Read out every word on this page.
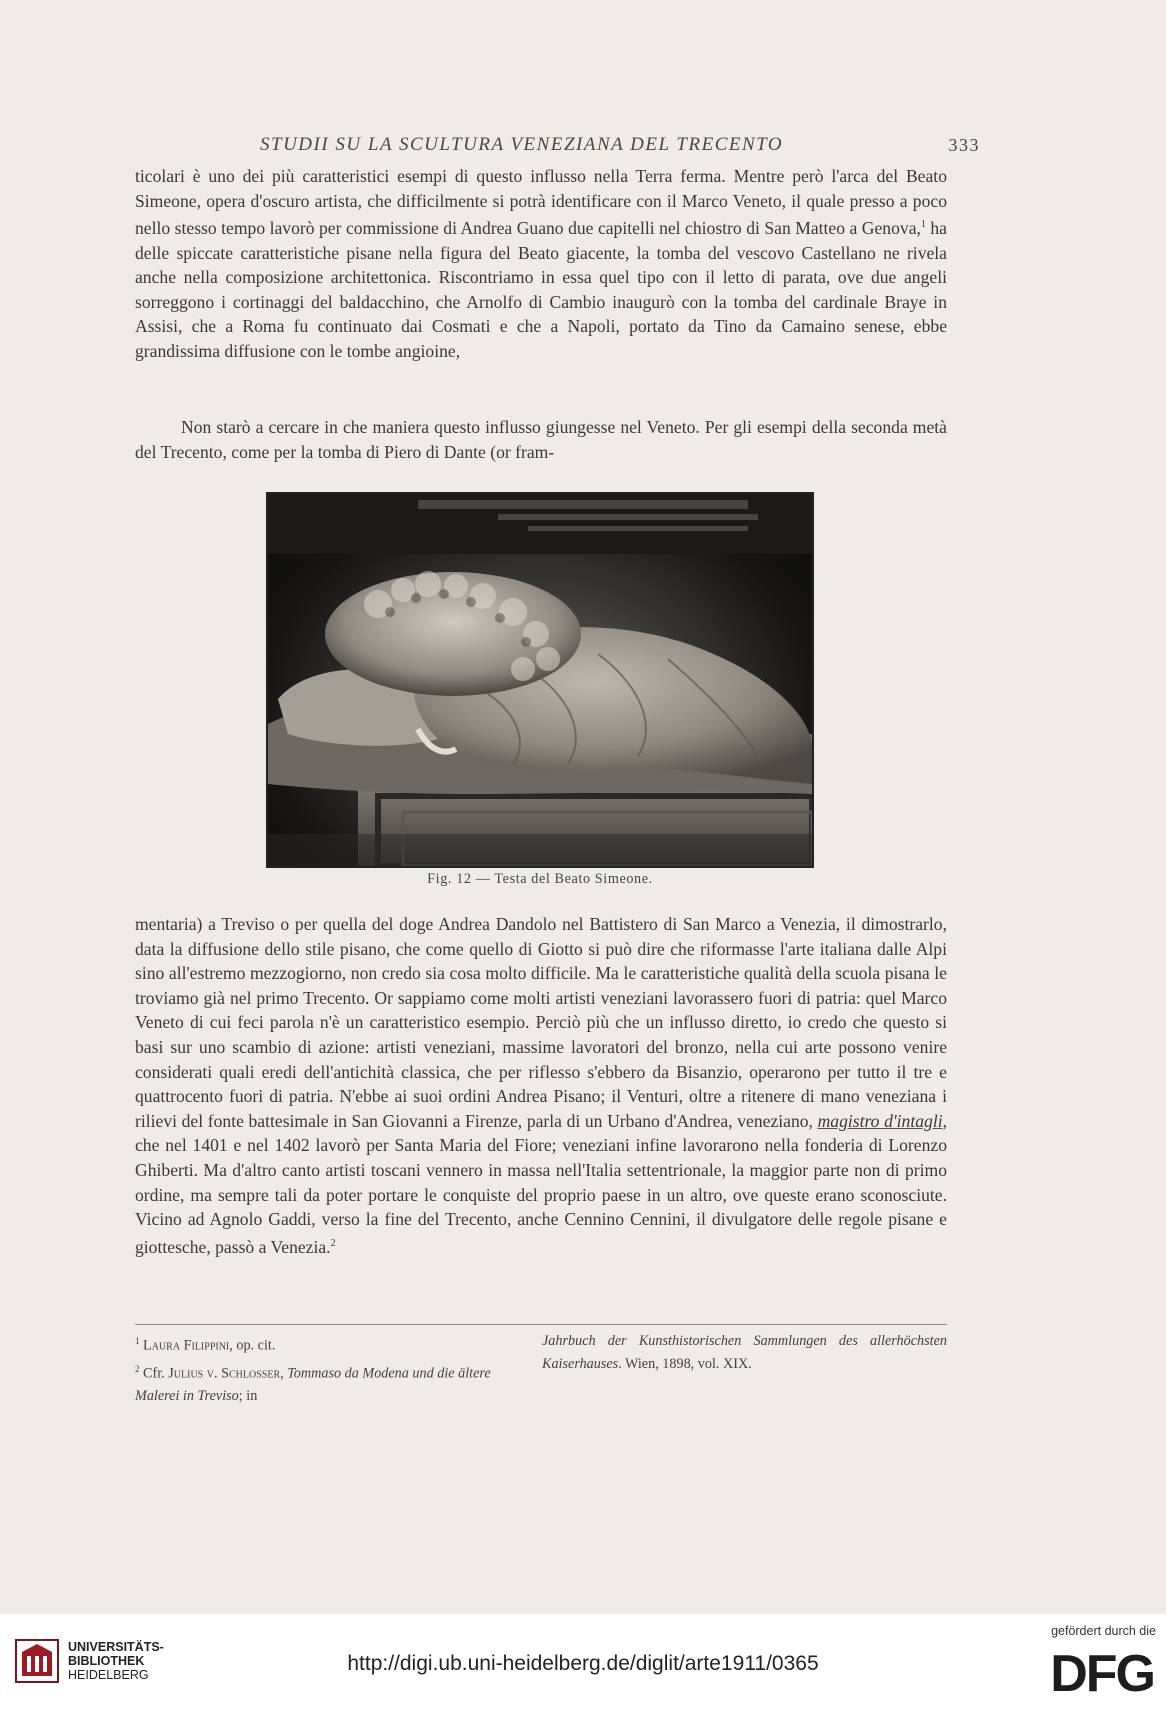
STUDII SU LA SCULTURA VENEZIANA DEL TRECENTO	333

ticolari è uno dei più caratteristici esempi di questo influsso nella Terra ferma. Mentre però l'arca del Beato Simeone, opera d'oscuro artista, che difficilmente si potrà identificare con il Marco Veneto, il quale presso a poco nello stesso tempo lavorò per commissione di Andrea Guano due capitelli nel chiostro di San Matteo a Genova,$^1$ ha delle spiccate caratteristiche pisane nella figura del Beato giacente, la tomba del vescovo Castellano ne rivela anche nella composizione architettonica. Riscontriamo in essa quel tipo con il letto di parata, ove due angeli sorreggono i cortinaggi del baldacchino, che Arnolfo di Cambio inaugurò con la tomba del cardinale Braye in Assisi, che a Roma fu continuato dai Cosmati e che a Napoli, portato da Tino da Camaino senese, ebbe grandissima diffusione con le tombe angioine,

Non starò a cercare in che maniera questo influsso giungesse nel Veneto. Per gli esempi della seconda metà del Trecento, come per la tomba di Piero di Dante (or fram-

Fig. 12 — Testa del Beato Simeone.

mentaria) a Treviso o per quella del doge Andrea Dandolo nel Battistero di San Marco a Venezia, il dimostrarlo, data la diffusione dello stile pisano, che come quello di Giotto si può dire che riformasse l'arte italiana dalle Alpi sino all'estremo mezzogiorno, non credo sia cosa molto difficile. Ma le caratteristiche qualità della scuola pisana le troviamo già nel primo Trecento. Or sappiamo come molti artisti veneziani lavorassero fuori di patria: quel Marco Veneto di cui feci parola n'è un caratteristico esempio. Perciò più che un influsso diretto, io credo che questo si basi sur uno scambio di azione: artisti veneziani, massime lavoratori del bronzo, nella cui arte possono venire considerati quali eredi dell'antichità classica, che per riflesso s'ebbero da Bisanzio, operarono per tutto il tre e quattrocento fuori di patria. N'ebbe ai suoi ordini Andrea Pisano; il Venturi, oltre a ritenere di mano veneziana i rilievi del fonte battesimale in San Giovanni a Firenze, parla di un Urbano d'Andrea, veneziano, magistro d'intagli, che nel 1401 e nel 1402 lavorò per Santa Maria del Fiore; veneziani infine lavorarono nella fonderia di Lorenzo Ghiberti. Ma d'altro canto artisti toscani vennero in massa nell'Italia settentrionale, la maggior parte non di primo ordine, ma sempre tali da poter portare le conquiste del proprio paese in un altro, ove queste erano sconosciute. Vicino ad Agnolo Gaddi, verso la fine del Trecento, anche Cennino Cennini, il divulgatore delle regole pisane e giottesche, passò a Venezia.$^2$

$^1$ Laura Filippini, op. cit.
$^2$ Cfr. Julius v. Schlosser, Tommaso da Modena und die ältere Malerei in Treviso; in

Jahrbuch der Kunsthistorischen Sammlungen des allerhöchsten Kaiserhauses. Wien, 1898, vol. XIX.

UNIVERSITÄTS-
BIBLIOTHEK
HEIDELBERG	http://digi.ub.uni-heidelberg.de/diglit/arte1911/0365
gefördert durch die
DFG
